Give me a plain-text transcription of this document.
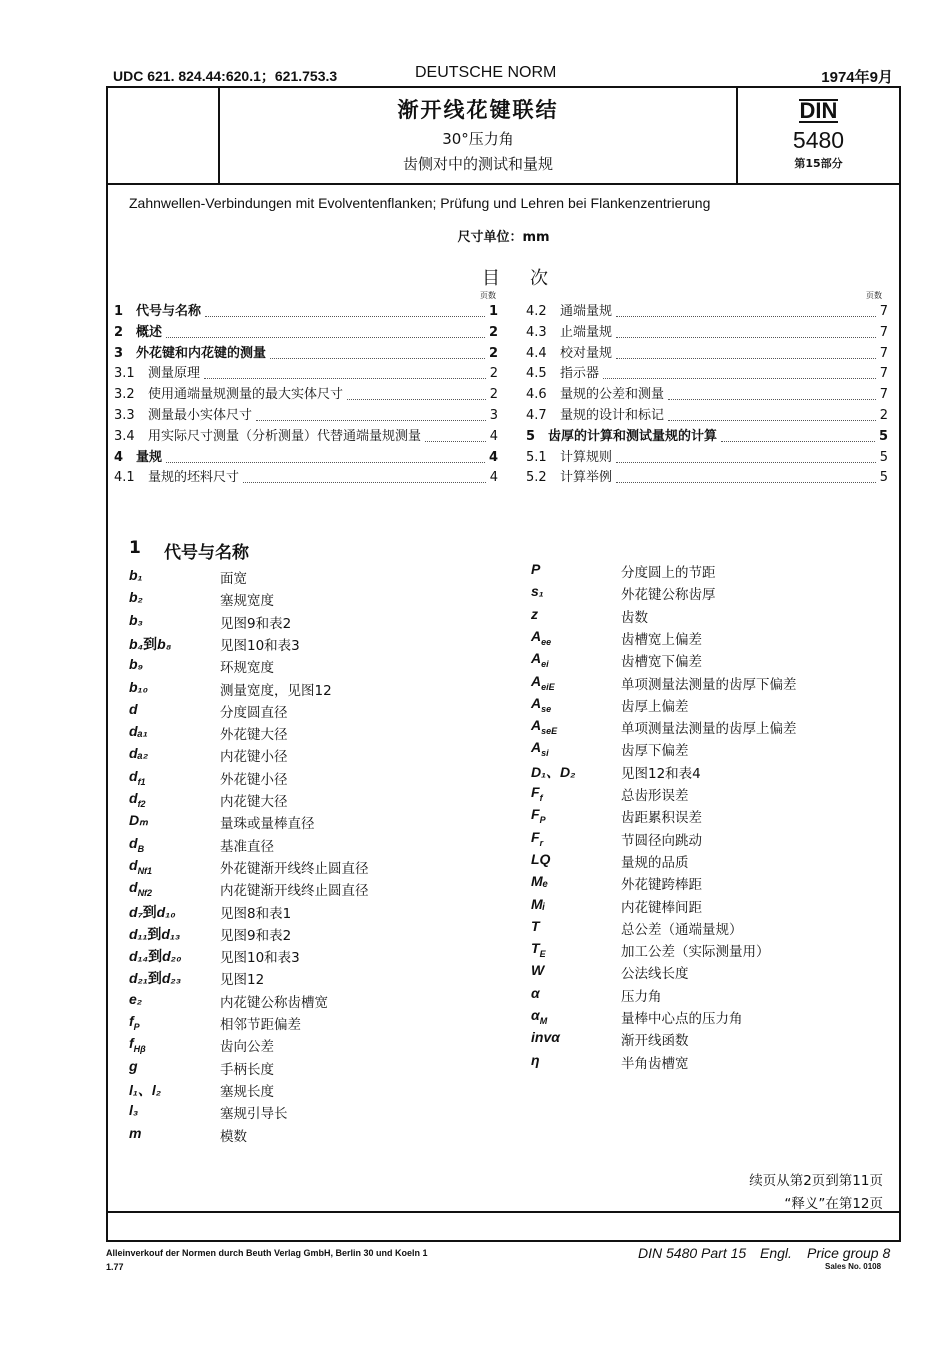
UDC 621. 824.44:620.1；621.753.3	DEUTSCHE NORM	1974年9月
渐开线花键联结
30°压力角
齿侧对中的测试和量规
DIN
5480
第15部分
Zahnwellen-Verbindungen mit Evolventenflanken; Prüfung und Lehren bei Flankenzentrierung
尺寸单位：mm
目 次
页数	页数
1 代号与名称	1
2 概述	2
3 外花键和内花键的测量	2
3.1	测量原理	2
3.2	使用通端量规测量的最大实体尺寸	2
3.3	测量最小实体尺寸	3
3.4	用实际尺寸测量（分析测量）代替通端量规测量	4
4 量规	4
4.1	量规的坯料尺寸	4
4.2	通端量规	7
4.3	止端量规	7
4.4	校对量规	7
4.5	指示器	7
4.6	量规的公差和测量	7
4.7	量规的设计和标记	2
5 齿厚的计算和测试量规的计算	5
5.1	计算规则	5
5.2	计算举例	5
1 代号与名称
b₁	面宽
b₂	塞规宽度
b₃	见图9和表2
b₄到b₈	见图10和表3
b₉	环规宽度
b₁₀	测量宽度，见图12
d	分度圆直径
dₐ₁	外花键大径
dₐ₂	内花键小径
$d_{f1}$	外花键小径
$d_{f2}$	内花键大径
Dₘ	量珠或量棒直径
$d_B$	基准直径
$d_{Nf1}$	外花键渐开线终止圆直径
$d_{Nf2}$	内花键渐开线终止圆直径
d₇到d₁₀	见图8和表1
d₁₁到d₁₃	见图9和表2
d₁₄到d₂₀	见图10和表3
d₂₁到d₂₃	见图12
e₂	内花键公称齿槽宽
$f_P$	相邻节距偏差
$f_{H\beta}$	齿向公差
g	手柄长度
l₁、l₂	塞规长度
l₃	塞规引导长
m	模数
P	分度圆上的节距
s₁	外花键公称齿厚
z	齿数
$A_{ee}$	齿槽宽上偏差
$A_{ei}$	齿槽宽下偏差
$A_{eiE}$	单项测量法测量的齿厚下偏差
$A_{se}$	齿厚上偏差
$A_{seE}$	单项测量法测量的齿厚上偏差
$A_{si}$	齿厚下偏差
D₁、D₂	见图12和表4
$F_f$	总齿形误差
$F_P$	齿距累积误差
$F_r$	节圆径向跳动
LQ	量规的品质
Mₑ	外花键跨棒距
Mᵢ	内花键棒间距
T	总公差（通端量规）
$T_E$	加工公差（实际测量用）
W	公法线长度
α	压力角
$\alpha_M$	量棒中心点的压力角
invα	渐开线函数
η	半角齿槽宽
续页从第2页到第11页
“释义”在第12页
Alleinverkouf der Normen durch Beuth Verlag GmbH, Berlin 30 und Koeln 1
1.77
DIN 5480 Part 15 Engl. Price group 8
Sales No. 0108
